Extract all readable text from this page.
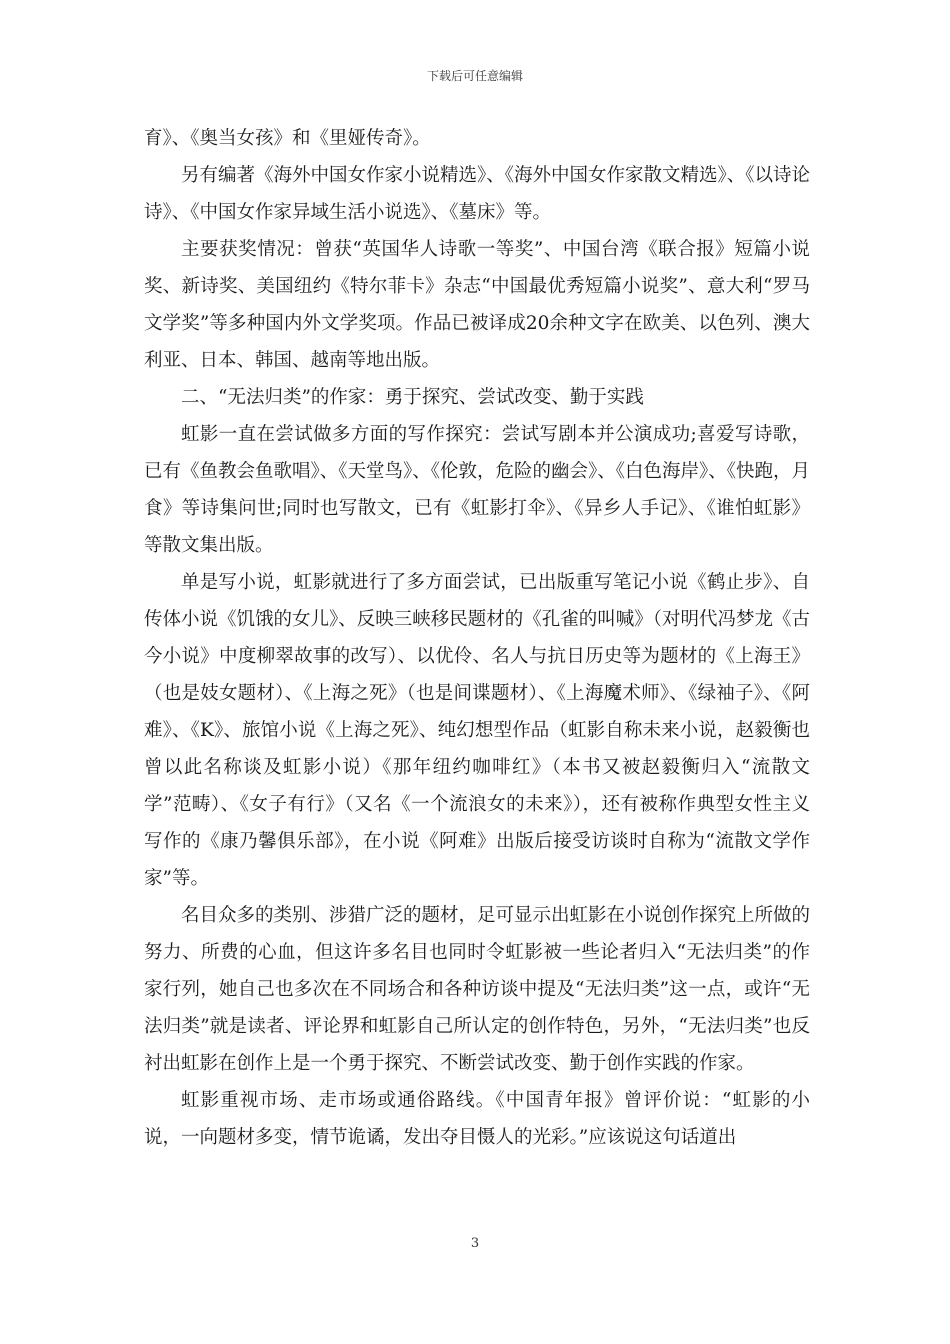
下载后可任意编辑

育》、《奥当女孩》和《里娅传奇》。

另有编著《海外中国女作家小说精选》、《海外中国女作家散文精选》、《以诗论诗》、《中国女作家异域生活小说选》、《墓床》等。

主要获奖情况：曾获“英国华人诗歌一等奖”、中国台湾《联合报》短篇小说奖、新诗奖、美国纽约《特尔菲卡》杂志“中国最优秀短篇小说奖”、意大利“罗马文学奖”等多种国内外文学奖项。作品已被译成20余种文字在欧美、以色列、澳大利亚、日本、韩国、越南等地出版。

二、“无法归类”的作家：勇于探究、尝试改变、勤于实践

虹影一直在尝试做多方面的写作探究：尝试写剧本并公演成功;喜爱写诗歌，已有《鱼教会鱼歌唱》、《天堂鸟》、《伦敦，危险的幽会》、《白色海岸》、《快跑，月食》等诗集问世;同时也写散文，已有《虹影打伞》、《异乡人手记》、《谁怕虹影》等散文集出版。

单是写小说，虹影就进行了多方面尝试，已出版重写笔记小说《鹤止步》、自传体小说《饥饿的女儿》、反映三峡移民题材的《孔雀的叫喊》（对明代冯梦龙《古今小说》中度柳翠故事的改写）、以优伶、名人与抗日历史等为题材的《上海王》（也是妓女题材）、《上海之死》（也是间谍题材）、《上海魔术师》、《绿袖子》、《阿难》、《K》、旅馆小说《上海之死》、纯幻想型作品（虹影自称未来小说，赵毅衡也曾以此名称谈及虹影小说）《那年纽约咖啡红》（本书又被赵毅衡归入“流散文学”范畴）、《女子有行》（又名《一个流浪女的未来》），还有被称作典型女性主义写作的《康乃馨俱乐部》，在小说《阿难》出版后接受访谈时自称为“流散文学作家”等。

名目众多的类别、涉猎广泛的题材，足可显示出虹影在小说创作探究上所做的努力、所费的心血，但这许多名目也同时令虹影被一些论者归入“无法归类”的作家行列，她自己也多次在不同场合和各种访谈中提及“无法归类”这一点，或许“无法归类”就是读者、评论界和虹影自己所认定的创作特色，另外，“无法归类”也反衬出虹影在创作上是一个勇于探究、不断尝试改变、勤于创作实践的作家。

虹影重视市场、走市场或通俗路线。《中国青年报》曾评价说：“虹影的小说，一向题材多变，情节诡谲，发出夺目慑人的光彩。”应该说这句话道出

3
